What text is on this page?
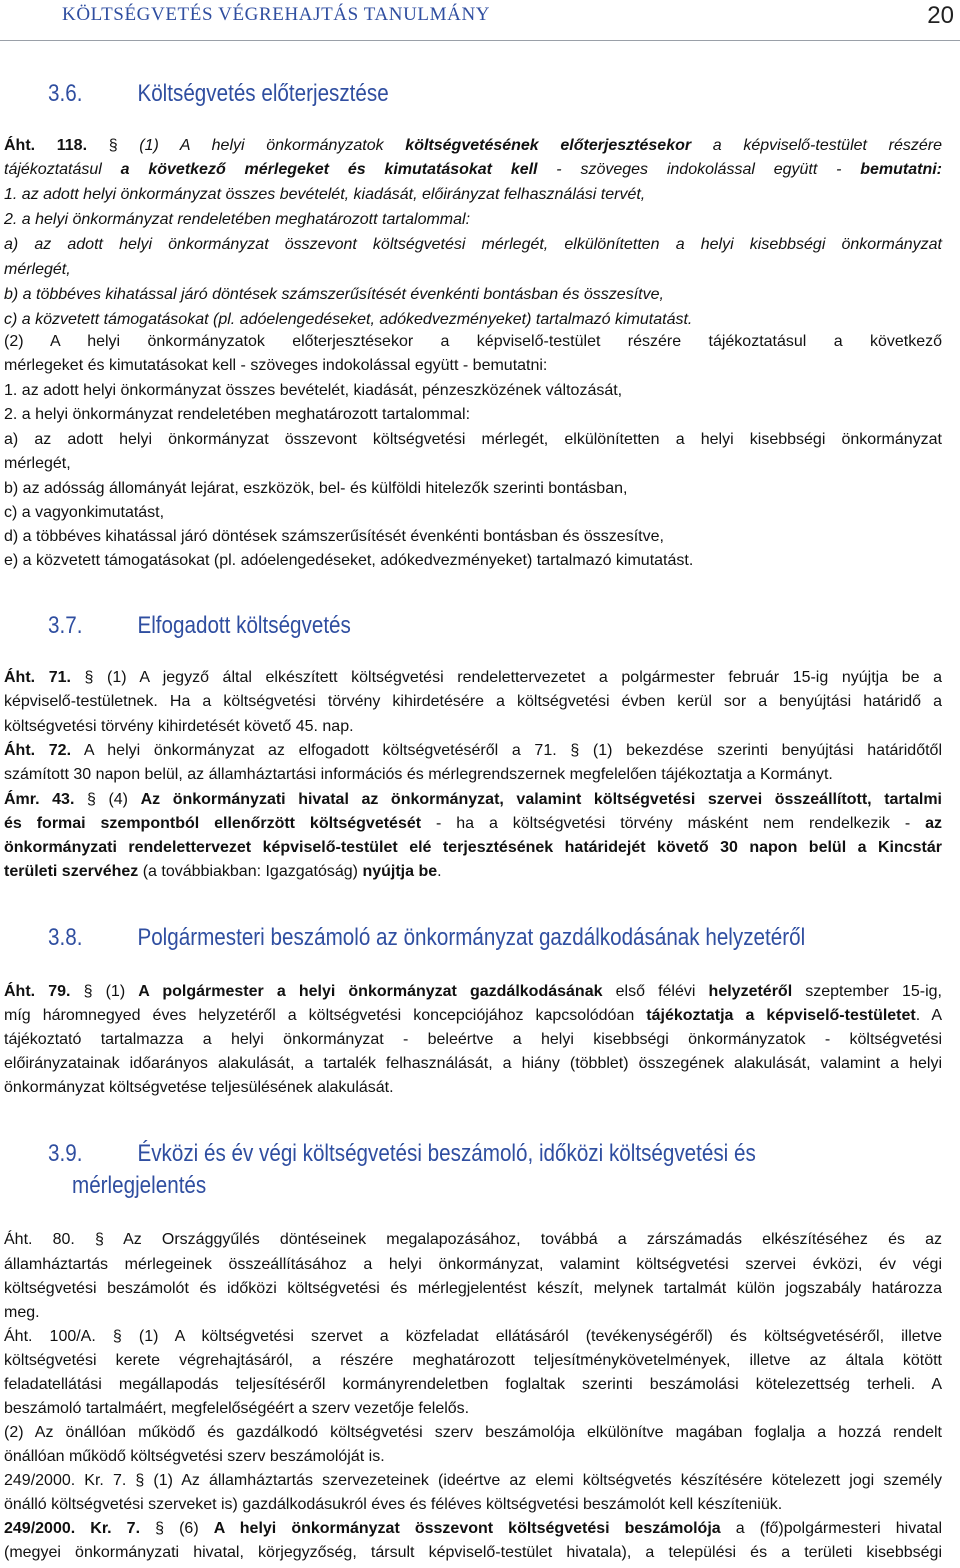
KÖLTSÉGVETÉS VÉGREHAJTÁS TANULMÁNY	20
3.6. Költségvetés előterjesztése
Áht. 118. § (1) A helyi önkormányzatok költségvetésének előterjesztésekor a képviselő-testület részére
tájékoztatásul a következő mérlegeket és kimutatásokat kell - szöveges indokolással együtt - bemutatni:
1. az adott helyi önkormányzat összes bevételét, kiadását, előirányzat felhasználási tervét,
2. a helyi önkormányzat rendeletében meghatározott tartalommal:
a) az adott helyi önkormányzat összevont költségvetési mérlegét, elkülönítetten a helyi kisebbségi önkormányzat
mérlegét,
b) a többéves kihatással járó döntések számszerűsítését évenkénti bontásban és összesítve,
c) a közvetett támogatásokat (pl. adóelengedéseket, adókedvezményeket) tartalmazó kimutatást.
(2) A helyi önkormányzatok előterjesztésekor a képviselő-testület részére tájékoztatásul a következő
mérlegeket és kimutatásokat kell - szöveges indokolással együtt - bemutatni:
1. az adott helyi önkormányzat összes bevételét, kiadását, pénzeszközének változását,
2. a helyi önkormányzat rendeletében meghatározott tartalommal:
a) az adott helyi önkormányzat összevont költségvetési mérlegét, elkülönítetten a helyi kisebbségi önkormányzat
mérlegét,
b) az adósság állományát lejárat, eszközök, bel- és külföldi hitelezők szerinti bontásban,
c) a vagyonkimutatást,
d) a többéves kihatással járó döntések számszerűsítését évenkénti bontásban és összesítve,
e) a közvetett támogatásokat (pl. adóelengedéseket, adókedvezményeket) tartalmazó kimutatást.
3.7. Elfogadott költségvetés
Áht. 71. § (1) A jegyző által elkészített költségvetési rendelettervezetet a polgármester február 15-ig nyújtja be a
képviselő-testületnek. Ha a költségvetési törvény kihirdetésére a költségvetési évben kerül sor a benyújtási határidő a
költségvetési törvény kihirdetését követő 45. nap.
Áht. 72. A helyi önkormányzat az elfogadott költségvetéséről a 71. § (1) bekezdése szerinti benyújtási határidőtől
számított 30 napon belül, az államháztartási információs és mérlegrendszernek megfelelően tájékoztatja a Kormányt.
Ámr. 43. § (4) Az önkormányzati hivatal az önkormányzat, valamint költségvetési szervei összeállított, tartalmi
és formai szempontból ellenőrzött költségvetését - ha a költségvetési törvény másként nem rendelkezik - az
önkormányzati rendelettervezet képviselő-testület elé terjesztésének határidejét követő 30 napon belül a Kincstár
területi szervéhez (a továbbiakban: Igazgatóság) nyújtja be.
3.8. Polgármesteri beszámoló az önkormányzat gazdálkodásának helyzetéről
Áht. 79. § (1) A polgármester a helyi önkormányzat gazdálkodásának első félévi helyzetéről szeptember 15-ig,
míg háromnegyed éves helyzetéről a költségvetési koncepciójához kapcsolódóan tájékoztatja a képviselő-testületet. A
tájékoztató tartalmazza a helyi önkormányzat - beleértve a helyi kisebbségi önkormányzatok - költségvetési
előirányzatainak időarányos alakulását, a tartalék felhasználását, a hiány (többlet) összegének alakulását, valamint a helyi
önkormányzat költségvetése teljesülésének alakulását.
3.9. Évközi és év végi költségvetési beszámoló, időközi költségvetési és
mérlegjelentés
Áht. 80. § Az Országgyűlés döntéseinek megalapozásához, továbbá a zárszámadás elkészítéséhez és az
államháztartás mérlegeinek összeállításához a helyi önkormányzat, valamint költségvetési szervei évközi, év végi
költségvetési beszámolót és időközi költségvetési és mérlegjelentést készít, melynek tartalmát külön jogszabály határozza
meg.
Áht. 100/A. § (1) A költségvetési szervet a közfeladat ellátásáról (tevékenységéről) és költségvetéséről, illetve
költségvetési kerete végrehajtásáról, a részére meghatározott teljesítménykövetelmények, illetve az általa kötött
feladatellátási megállapodás teljesítéséről kormányrendeletben foglaltak szerinti beszámolási kötelezettség terheli. A
beszámoló tartalmáért, megfelelőségéért a szerv vezetője felelős.
(2) Az önállóan működő és gazdálkodó költségvetési szerv beszámolója elkülönítve magában foglalja a hozzá rendelt
önállóan működő költségvetési szerv beszámolóját is.
249/2000. Kr. 7. § (1) Az államháztartás szervezeteinek (ideértve az elemi költségvetés készítésére kötelezett jogi személy
önálló költségvetési szerveket is) gazdálkodásukról éves és féléves költségvetési beszámolót kell készíteniük.
249/2000. Kr. 7. § (6) A helyi önkormányzat összevont költségvetési beszámolója a (fő)polgármesteri hivatal
(megyei önkormányzati hivatal, körjegyzőség, társult képviselő-testület hivatala), a települési és a területi kisebbségi
